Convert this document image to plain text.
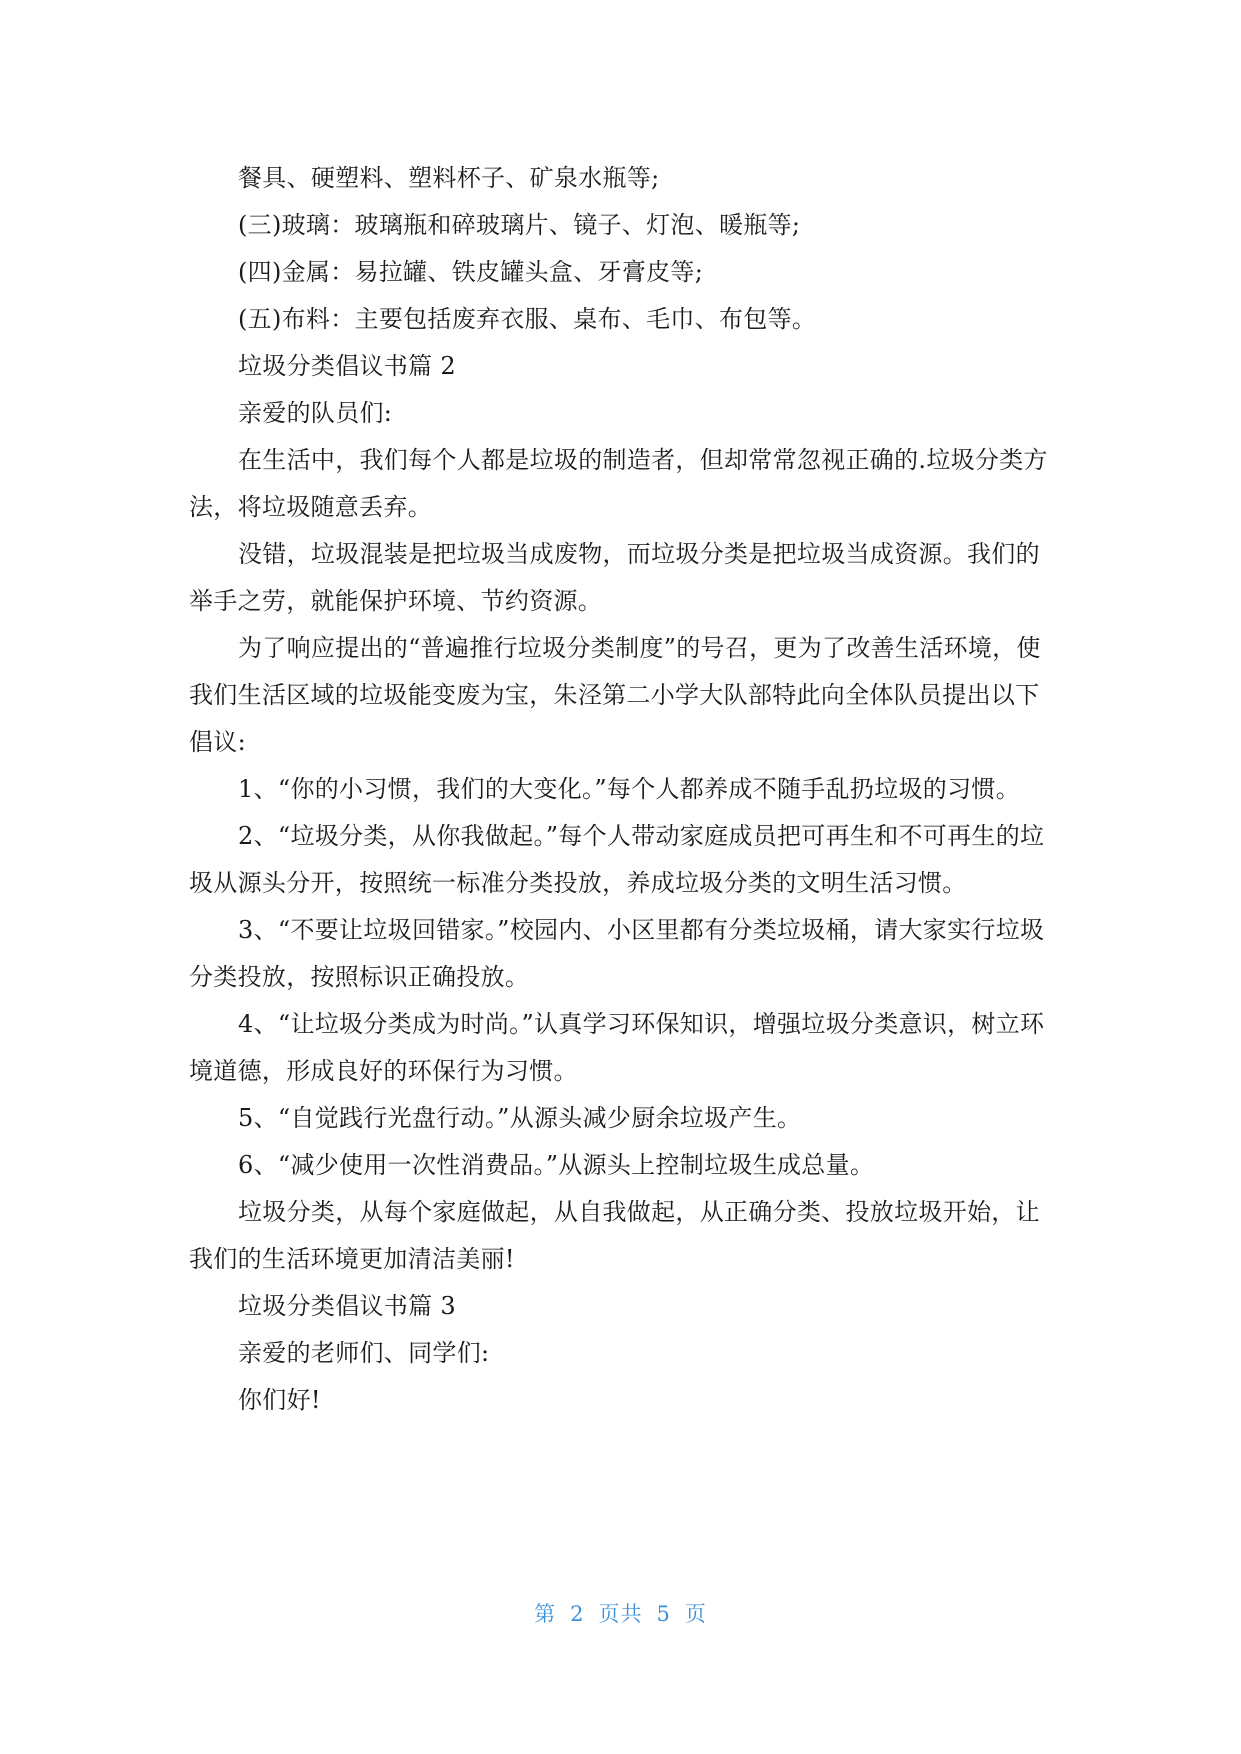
餐具、硬塑料、塑料杯子、矿泉水瓶等;

(三)玻璃：玻璃瓶和碎玻璃片、镜子、灯泡、暖瓶等;

(四)金属：易拉罐、铁皮罐头盒、牙膏皮等;

(五)布料：主要包括废弃衣服、桌布、毛巾、布包等。

垃圾分类倡议书篇 2

亲爱的队员们:

在生活中，我们每个人都是垃圾的制造者，但却常常忽视正确的.垃圾分类方法，将垃圾随意丢弃。

没错，垃圾混装是把垃圾当成废物，而垃圾分类是把垃圾当成资源。我们的举手之劳，就能保护环境、节约资源。

为了响应提出的“普遍推行垃圾分类制度”的号召，更为了改善生活环境，使我们生活区域的垃圾能变废为宝，朱泾第二小学大队部特此向全体队员提出以下倡议:

1、“你的小习惯，我们的大变化。”每个人都养成不随手乱扔垃圾的习惯。

2、“垃圾分类，从你我做起。”每个人带动家庭成员把可再生和不可再生的垃圾从源头分开，按照统一标准分类投放，养成垃圾分类的文明生活习惯。

3、“不要让垃圾回错家。”校园内、小区里都有分类垃圾桶，请大家实行垃圾分类投放，按照标识正确投放。

4、“让垃圾分类成为时尚。”认真学习环保知识，增强垃圾分类意识，树立环境道德，形成良好的环保行为习惯。

5、“自觉践行光盘行动。”从源头减少厨余垃圾产生。

6、“减少使用一次性消费品。”从源头上控制垃圾生成总量。

垃圾分类，从每个家庭做起，从自我做起，从正确分类、投放垃圾开始，让我们的生活环境更加清洁美丽!

垃圾分类倡议书篇 3

亲爱的老师们、同学们:

你们好!

第 2 页共 5 页
